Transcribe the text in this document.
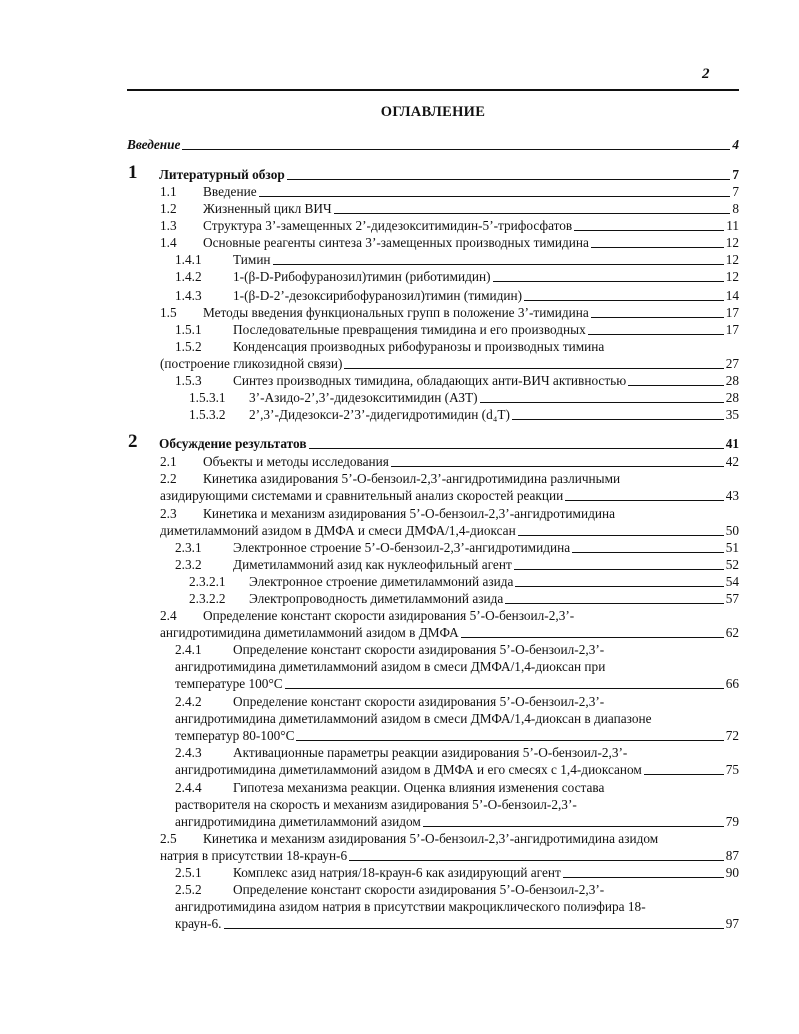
2
ОГЛАВЛЕНИЕ
Введение	4
1 Литературный обзор	7
1.1	Введение	7
1.2	Жизненный цикл ВИЧ	8
1.3	Структура 3’-замещенных 2’-дидезокситимидин-5’-трифосфатов	11
1.4	Основные реагенты синтеза 3’-замещенных производных тимидина	12
1.4.1	Тимин	12
1.4.2	1-(β-D-Рибофуранозил)тимин (риботимидин)	12
1.4.3	1-(β-D-2’-дезоксирибофуранозил)тимин (тимидин)	14
1.5	Методы введения функциональных групп в положение 3’-тимидина	17
1.5.1	Последовательные превращения тимидина и его производных	17
1.5.2	Конденсация производных рибофуранозы и производных тимина
(построение гликозидной связи)	27
1.5.3	Синтез производных тимидина, обладающих анти-ВИЧ активностью	28
1.5.3.1	3’-Азидо-2’,3’-дидезокситимидин (АЗТ)	28
1.5.3.2	2’,3’-Дидезокси-2’3’-дидегидротимидин (d₄T)	35
2 Обсуждение результатов	41
2.1	Объекты и методы исследования	42
2.2	Кинетика азидирования 5’-О-бензоил-2,3’-ангидротимидина различными
азидирующими системами и сравнительный анализ скоростей реакции	43
2.3	Кинетика и механизм азидирования 5’-О-бензоил-2,3’-ангидротимидина
диметиламмоний азидом в ДМФА и смеси ДМФА/1,4-диоксан	50
2.3.1	Электронное строение 5’-О-бензоил-2,3’-ангидротимидина	51
2.3.2	Диметиламмоний азид как нуклеофильный агент	52
2.3.2.1	Электронное строение диметиламмоний азида	54
2.3.2.2	Электропроводность диметиламмоний азида	57
2.4	Определение констант скорости азидирования 5’-О-бензоил-2,3’-
ангидротимидина диметиламмоний азидом в ДМФА	62
2.4.1	Определение констант скорости азидирования 5’-О-бензоил-2,3’-
ангидротимидина диметиламмоний азидом в смеси ДМФА/1,4-диоксан при
температуре 100°С	66
2.4.2	Определение констант скорости азидирования 5’-О-бензоил-2,3’-
ангидротимидина диметиламмоний азидом в смеси ДМФА/1,4-диоксан в диапазоне
температур 80-100°С	72
2.4.3	Активационные параметры реакции азидирования 5’-О-бензоил-2,3’-
ангидротимидина диметиламмоний азидом в ДМФА и его смесях с 1,4-диоксаном	75
2.4.4	Гипотеза механизма реакции. Оценка влияния изменения состава
растворителя на скорость и механизм азидирования 5’-О-бензоил-2,3’-
ангидротимидина диметиламмоний азидом	79
2.5	Кинетика и механизм азидирования 5’-О-бензоил-2,3’-ангидротимидина азидом
натрия в присутствии 18-краун-6	87
2.5.1	Комплекс азид натрия/18-краун-6 как азидирующий агент	90
2.5.2	Определение констант скорости азидирования 5’-О-бензоил-2,3’-
ангидротимидина азидом натрия в присутствии макроциклического полиэфира 18-
краун-6.	97
